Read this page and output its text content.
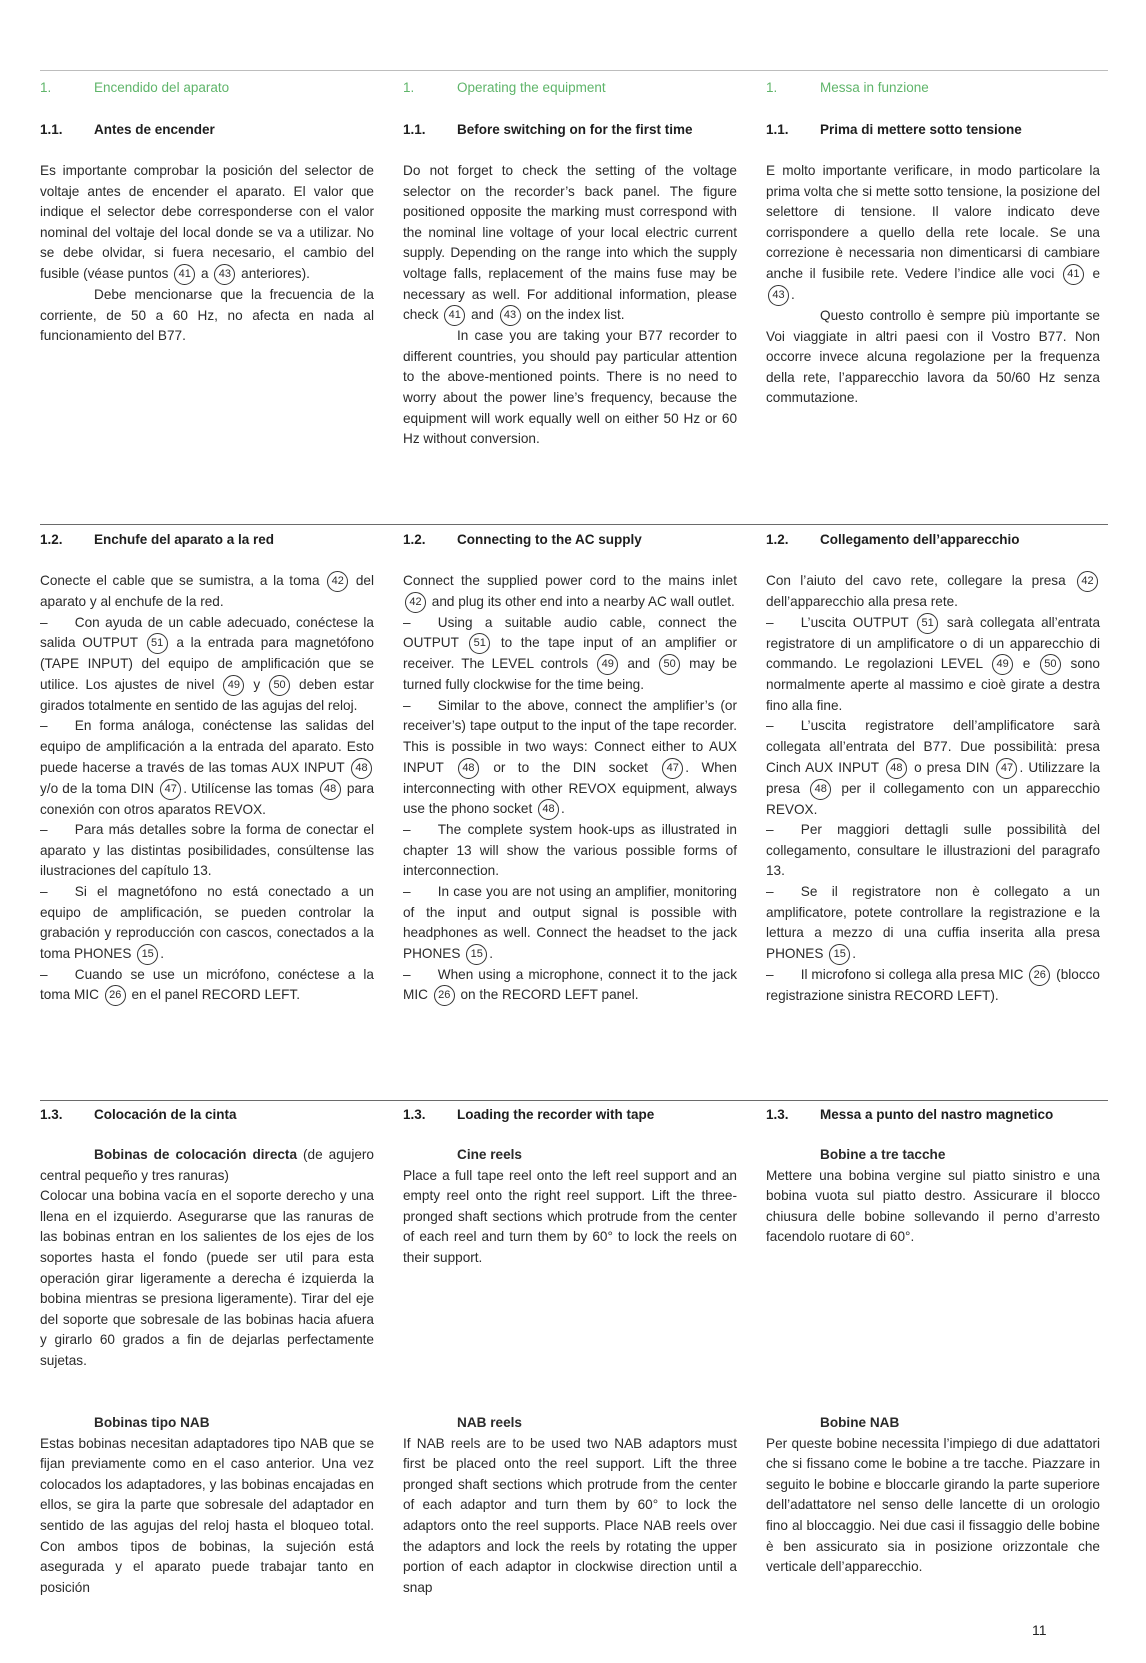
1.	Encendido del aparato	1.	Operating the equipment	1.	Messa in funzione
1.1. Antes de encender	1.1. Before switching on for the first time	1.1. Prima di mettere sotto tensione

Es importante comprobar la posición del selector de voltaje antes de encender el aparato. El valor que indique el selector debe corresponderse con el valor nominal del voltaje del local donde se va a utilizar. No se debe olvidar, si fuera necesario, el cambio del fusible (véase puntos 41 a 43 anteriores).

Debe mencionarse que la frecuencia de la corriente, de 50 a 60 Hz, no afecta en nada al funcionamiento del B77.

Do not forget to check the setting of the voltage selector on the recorder’s back panel. The figure positioned opposite the marking must correspond with the nominal line voltage of your local electric current supply. Depending on the range into which the supply voltage falls, replacement of the mains fuse may be necessary as well. For additional information, please check 41 and 43 on the index list.

In case you are taking your B77 recorder to different countries, you should pay particular attention to the above-mentioned points. There is no need to worry about the power line’s frequency, because the equipment will work equally well on either 50 Hz or 60 Hz without conversion.

E molto importante verificare, in modo particolare la prima volta che si mette sotto tensione, la posizione del selettore di tensione. Il valore indicato deve corrispondere a quello della rete locale. Se una correzione è necessaria non dimenticarsi di cambiare anche il fusibile rete. Vedere l’indice alle voci 41 e 43 .

Questo controllo è sempre più importante se Voi viaggiate in altri paesi con il Vostro B77. Non occorre invece alcuna regolazione per la frequenza della rete, l’apparecchio lavora da 50/60 Hz senza commutazione.

1.2. Enchufe del aparato a la red	1.2. Connecting to the AC supply	1.2. Collegamento dell’apparecchio

Conecte el cable que se sumistra, a la toma 42 del aparato y al enchufe de la red.

–  Con ayuda de un cable adecuado, conéctese la salida OUTPUT 51 a la entrada para magnetófono (TAPE INPUT) del equipo de amplificación que se utilice. Los ajustes de nivel 49 y 50 deben estar girados totalmente en sentido de las agujas del reloj.

–  En forma análoga, conéctense las salidas del equipo de amplificación a la entrada del aparato. Esto puede hacerse a través de las tomas AUX INPUT 48 y/o de la toma DIN 47 . Utilícense las tomas 48 para conexión con otros aparatos REVOX.

–  Para más detalles sobre la forma de conectar el aparato y las distintas posibilidades, consúltense las ilustraciones del capítulo 13.

–  Si el magnetófono no está conectado a un equipo de amplificación, se pueden controlar la grabación y reproducción con cascos, conectados a la toma PHONES 15 .

–  Cuando se use un micrófono, conéctese a la toma MIC 26 en el panel RECORD LEFT.

Connect the supplied power cord to the mains inlet 42 and plug its other end into a nearby AC wall outlet.

–  Using a suitable audio cable, connect the OUTPUT 51 to the tape input of an amplifier or receiver. The LEVEL controls 49 and 50 may be turned fully clockwise for the time being.

–  Similar to the above, connect the amplifier’s (or receiver’s) tape output to the input of the tape recorder. This is possible in two ways: Connect either to AUX INPUT 48 or to the DIN socket 47 . When interconnecting with other REVOX equipment, always use the phono socket 48 .

–  The complete system hook-ups as illustrated in chapter 13 will show the various possible forms of interconnection.

–  In case you are not using an amplifier, monitoring of the input and output signal is possible with headphones as well. Connect the headset to the jack PHONES 15 .

–  When using a microphone, connect it to the jack MIC 26 on the RECORD LEFT panel.

Con l’aiuto del cavo rete, collegare la presa 42 dell’apparecchio alla presa rete.

–  L’uscita OUTPUT 51 sarà collegata all’entrata registratore di un amplificatore o di un apparecchio di commando. Le regolazioni LEVEL 49 e 50 sono normalmente aperte al massimo e cioè girate a destra fino alla fine.

–  L’uscita registratore dell’amplificatore sarà collegata all’entrata del B77. Due possibilità: presa Cinch AUX INPUT 48 o presa DIN 47 . Utilizzare la presa 48 per il collegamento con un apparecchio REVOX.

–  Per maggiori dettagli sulle possibilità del collegamento, consultare le illustrazioni del paragrafo 13.

–  Se il registratore non è collegato a un amplificatore, potete controllare la registrazione e la lettura a mezzo di una cuffia inserita alla presa PHONES 15 .

–  Il microfono si collega alla presa MIC 26 (blocco registrazione sinistra RECORD LEFT).

1.3. Colocación de la cinta	1.3. Loading the recorder with tape	1.3. Messa a punto del nastro magnetico

Bobinas de colocación directa (de agujero central pequeño y tres ranuras)

Colocar una bobina vacía en el soporte derecho y una llena en el izquierdo. Asegurarse que las ranuras de las bobinas entran en los salientes de los ejes de los soportes hasta el fondo (puede ser util para esta operación girar ligeramente a derecha é izquierda la bobina mientras se presiona ligeramente). Tirar del eje del soporte que sobresale de las bobinas hacia afuera y girarlo 60 grados a fin de dejarlas perfectamente sujetas.

Cine reels

Place a full tape reel onto the left reel support and an empty reel onto the right reel support. Lift the three-pronged shaft sections which protrude from the center of each reel and turn them by 60° to lock the reels on their support.

Bobine a tre tacche

Mettere una bobina vergine sul piatto sinistro e una bobina vuota sul piatto destro. Assicurare il blocco chiusura delle bobine sollevando il perno d’arresto facendolo ruotare di 60°.

Bobinas tipo NAB

Estas bobinas necesitan adaptadores tipo NAB que se fijan previamente como en el caso anterior. Una vez colocados los adaptadores, y las bobinas encajadas en ellos, se gira la parte que sobresale del adaptador en sentido de las agujas del reloj hasta el bloqueo total. Con ambos tipos de bobinas, la sujeción está asegurada y el aparato puede trabajar tanto en posición

NAB reels

If NAB reels are to be used two NAB adaptors must first be placed onto the reel support. Lift the three pronged shaft sections which protrude from the center of each adaptor and turn them by 60° to lock the adaptors onto the reel supports. Place NAB reels over the adaptors and lock the reels by rotating the upper portion of each adaptor in clockwise direction until a snap

Bobine NAB

Per queste bobine necessita l’impiego di due adattatori che si fissano come le bobine a tre tacche. Piazzare in seguito le bobine e bloccarle girando la parte superiore dell’adattatore nel senso delle lancette di un orologio fino al bloccaggio. Nei due casi il fissaggio delle bobine è ben assicurato sia in posizione orizzontale che verticale dell’apparecchio.

11
